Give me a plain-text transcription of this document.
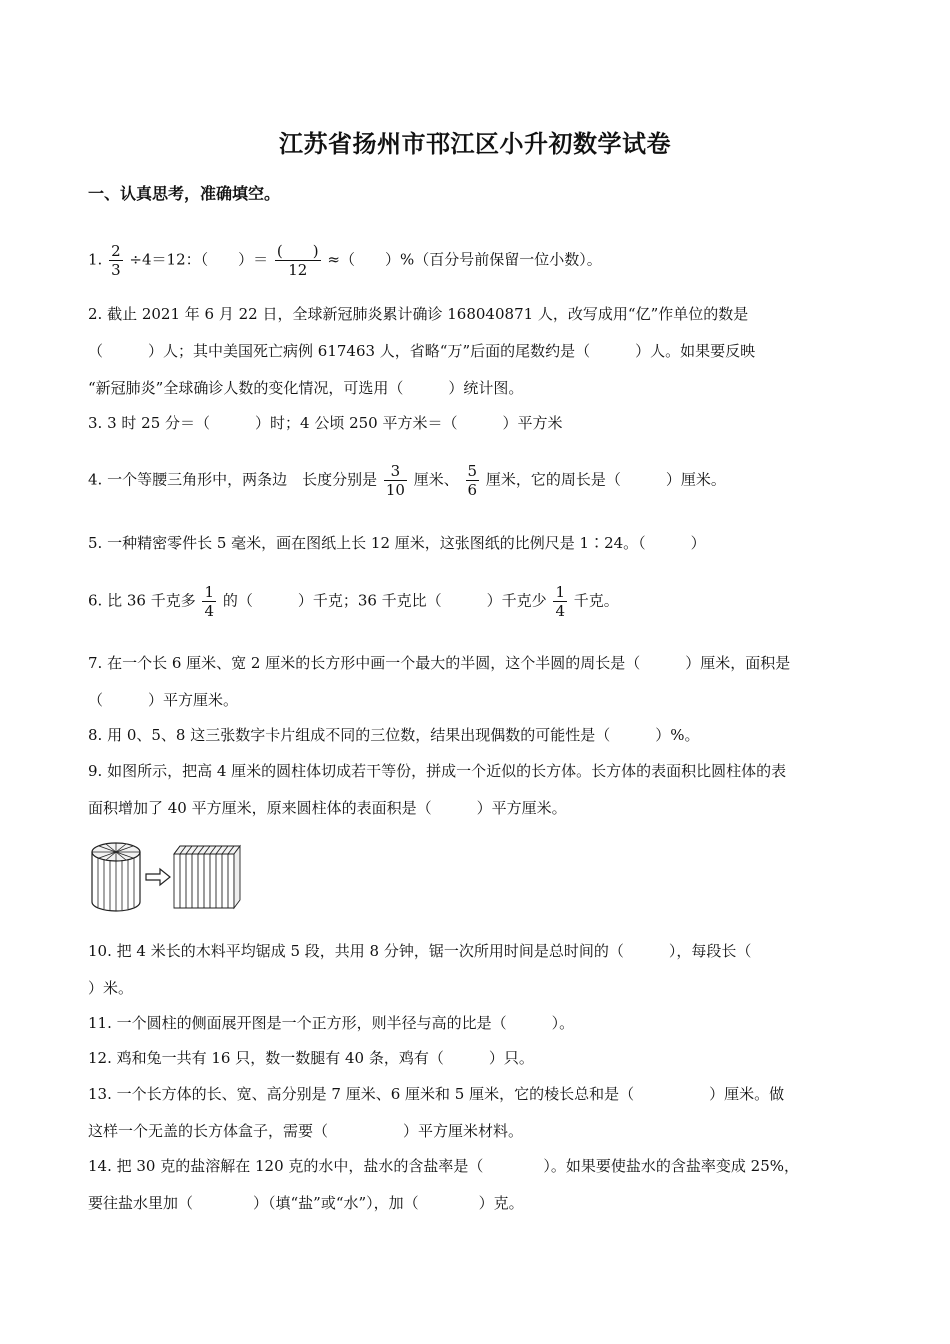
江苏省扬州市邗江区小升初数学试卷
一、认真思考，准确填空。
1. $\frac{2}{3} \div 4=12$：（　　）＝ $\frac{( )}{12}$ ≈（　　）%（百分号前保留一位小数）。
2. 截止 2021 年 6 月 22 日，全球新冠肺炎累计确诊 168040871 人，改写成用“亿”作单位的数是
（　　　）人；其中美国死亡病例 617463 人，省略“万”后面的尾数约是（　　　）人。如果要反映
“新冠肺炎”全球确诊人数的变化情况，可选用（　　　）统计图。
3. 3 时 25 分＝（　　　）时；4 公顷 250 平方米＝（　　　）平方米
4. 一个等腰三角形中，两条边　长度分别是 $\frac{3}{10}$ 厘米、 $\frac{5}{6}$ 厘米，它的周长是（　　　）厘米。
5. 一种精密零件长 5 毫米，画在图纸上长 12 厘米，这张图纸的比例尺是 1∶24。（　　　）
6. 比 36 千克多 $\frac{1}{4}$ 的（　　　）千克；36 千克比（　　　）千克少 $\frac{1}{4}$ 千克。
7. 在一个长 6 厘米、宽 2 厘米的长方形中画一个最大的半圆，这个半圆的周长是（　　　）厘米，面积是
（　　　）平方厘米。
8. 用 0、5、8 这三张数字卡片组成不同的三位数，结果出现偶数的可能性是（　　　）%。
9. 如图所示，把高 4 厘米的圆柱体切成若干等份，拼成一个近似的长方体。长方体的表面积比圆柱体的表
面积增加了 40 平方厘米，原来圆柱体的表面积是（　　　）平方厘米。
10. 把 4 米长的木料平均锯成 5 段，共用 8 分钟，锯一次所用时间是总时间的（　　　），每段长（
）米。
11. 一个圆柱的侧面展开图是一个正方形，则半径与高的比是（　　　）。
12. 鸡和兔一共有 16 只，数一数腿有 40 条，鸡有（　　　）只。
13. 一个长方体的长、宽、高分别是 7 厘米、6 厘米和 5 厘米，它的棱长总和是（　　　　　）厘米。做
这样一个无盖的长方体盒子，需要（　　　　　）平方厘米材料。
14. 把 30 克的盐溶解在 120 克的水中，盐水的含盐率是（　　　　）。如果要使盐水的含盐率变成 25%，
要往盐水里加（　　　　）（填“盐”或“水”），加（　　　　）克。
